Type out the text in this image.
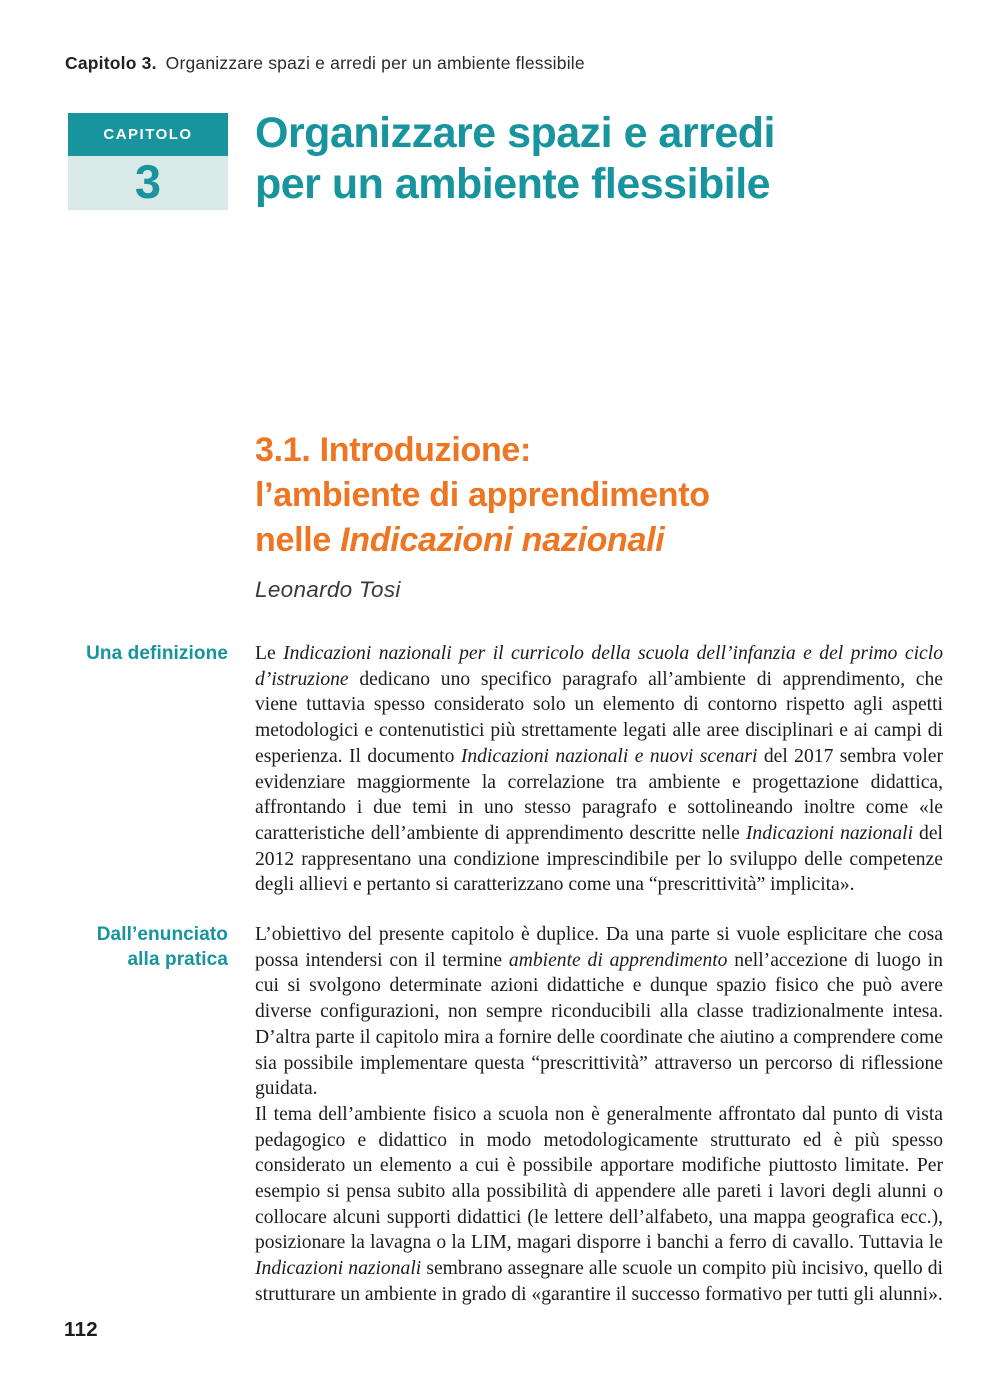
Capitolo 3. Organizzare spazi e arredi per un ambiente flessibile
CAPITOLO
3
Organizzare spazi e arredi
per un ambiente flessibile
3.1. Introduzione:
l’ambiente di apprendimento
nelle Indicazioni nazionali
Leonardo Tosi
Una definizione Le Indicazioni nazionali per il curricolo della scuola dell’infanzia e del primo ciclo d’istruzione dedicano uno specifico paragrafo all’ambiente di apprendimento, che viene tuttavia spesso considerato solo un elemento di contorno rispetto agli aspetti metodologici e contenutistici più strettamente legati alle aree disciplinari e ai campi di esperienza. Il documento Indicazioni nazionali e nuovi scenari del 2017 sembra voler evidenziare maggiormente la correlazione tra ambiente e progettazione didattica, affrontando i due temi in uno stesso paragrafo e sottolineando inoltre come «le caratteristiche dell’ambiente di apprendimento descritte nelle Indicazioni nazionali del 2012 rappresentano una condizione imprescindibile per lo sviluppo delle competenze degli allievi e pertanto si caratterizzano come una “prescrittività” implicita».

Dall’enunciato
alla pratica

L’obiettivo del presente capitolo è duplice. Da una parte si vuole esplicitare che cosa possa intendersi con il termine ambiente di apprendimento nell’accezione di luogo in cui si svolgono determinate azioni didattiche e dunque spazio fisico che può avere diverse configurazioni, non sempre riconducibili alla classe tradizionalmente intesa. D’altra parte il capitolo mira a fornire delle coordinate che aiutino a comprendere come sia possibile implementare questa “prescrittività” attraverso un percorso di riflessione guidata.

Il tema dell’ambiente fisico a scuola non è generalmente affrontato dal punto di vista pedagogico e didattico in modo metodologicamente strutturato ed è più spesso considerato un elemento a cui è possibile apportare modifiche piuttosto limitate. Per esempio si pensa subito alla possibilità di appendere alle pareti i lavori degli alunni o collocare alcuni supporti didattici (le lettere dell’alfabeto, una mappa geografica ecc.), posizionare la lavagna o la LIM, magari disporre i banchi a ferro di cavallo. Tuttavia le Indicazioni nazionali sembrano assegnare alle scuole un compito più incisivo, quello di strutturare un ambiente in grado di «garantire il successo formativo per tutti gli alunni».

112
